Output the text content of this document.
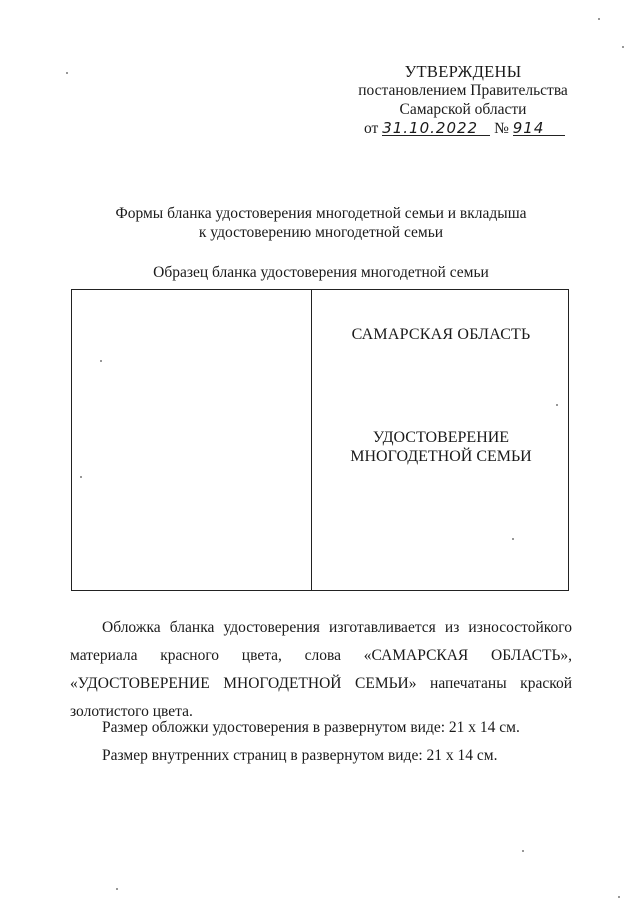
УТВЕРЖДЕНЫ
постановлением Правительства
Самарской области
от 31.10.2022 № 914
Формы бланка удостоверения многодетной семьи и вкладыша
к удостоверению многодетной семьи
Образец бланка удостоверения многодетной семьи
САМАРСКАЯ ОБЛАСТЬ
УДОСТОВЕРЕНИЕ
МНОГОДЕТНОЙ СЕМЬИ
Обложка бланка удостоверения изготавливается из износостойкого материала красного цвета, слова «САМАРСКАЯ ОБЛАСТЬ», «УДОСТОВЕРЕНИЕ МНОГОДЕТНОЙ СЕМЬИ» напечатаны краской золотистого цвета.
Размер обложки удостоверения в развернутом виде: 21 х 14 см.
Размер внутренних страниц в развернутом виде: 21 х 14 см.
